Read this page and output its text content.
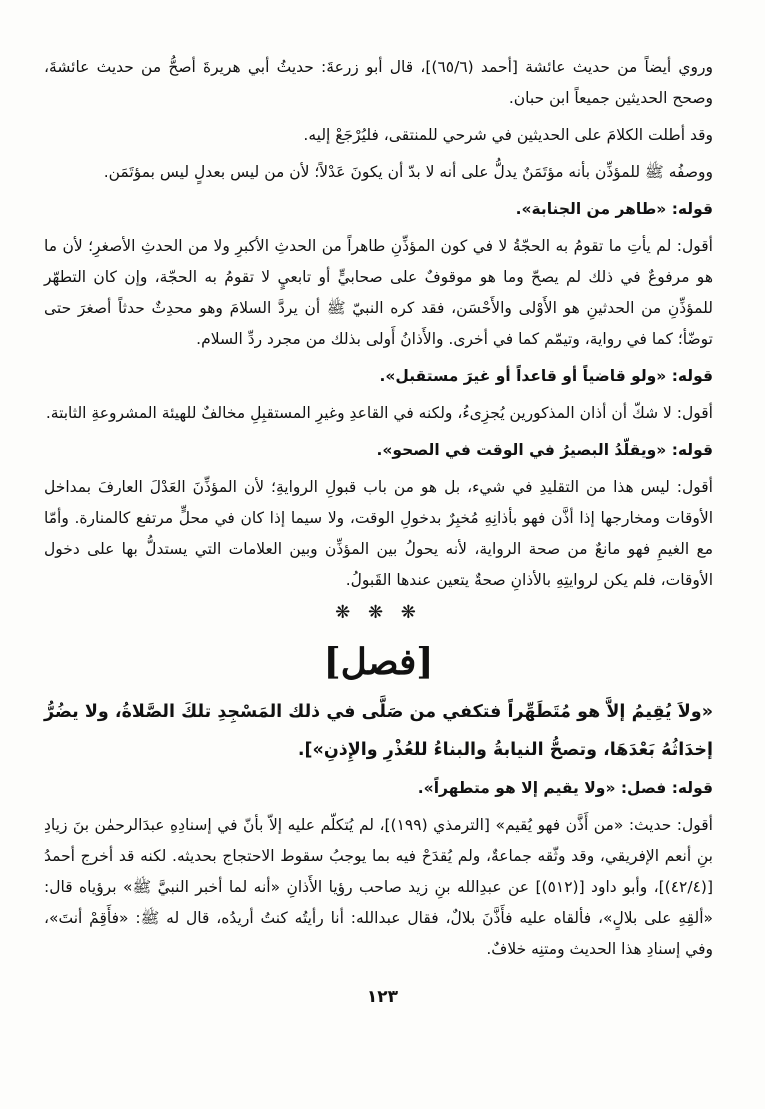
وروي أيضاً من حديث عائشة [أحمد (٦٥/٦)]، قال أبو زرعةَ: حديثُ أبي هريرةَ أصحُّ من حديث عائشةَ، وصحح الحديثين جميعاً ابن حبان.

وقد أطلت الكلامَ على الحديثين في شرحي للمنتقى، فليُرْجَعْ إليه.

ووصفُه ﷺ للمؤذِّن بأنه مؤتَمَنٌ يدلُّ على أنه لا بدّ أن يكونَ عَدْلاً؛ لأن من ليس بعدلٍ ليس بمؤتَمَن.

قوله: «طاهر من الجنابة».

أقول: لم يأتِ ما تقومُ به الحجّةُ لا في كون المؤذِّنِ طاهراً من الحدثِ الأكبرِ ولا من الحدثِ الأصغرِ؛ لأن ما هو مرفوعٌ في ذلك لم يصحّ وما هو موقوفٌ على صحابيٍّ أو تابعيٍ لا تقومُ به الحجّة، وإن كان التطهّر للمؤذِّنِ من الحدثينِ هو الأَوْلى والأَحْسَن، فقد كره النبيّ ﷺ أن يردَّ السلامَ وهو محدِثٌ حدثاً أصغرَ حتى توضّأ؛ كما في رواية، وتيمّم كما في أخرى. والأَذانُ أَولى بذلك من مجرد ردِّ السلام.

قوله: «ولو قاضياً أو قاعداً أو غيرَ مستقبل».

أقول: لا شكّ أن أذان المذكورين يُجزِىءُ، ولكنه في القاعدِ وغيرِ المستقبِلِ مخالفٌ للهيئة المشروعةِ الثابتة.

قوله: «ويقلّدُ البصيرُ في الوقت في الصحو».

أقول: ليس هذا من التقليدِ في شيء، بل هو من باب قبولِ الروايةِ؛ لأن المؤذِّنَ العَدْلَ العارفَ بمداخل الأوقات ومخارجها إذا أذَّن فهو بأذانِهِ مُخبِرٌ بدخولِ الوقت، ولا سيما إذا كان في محلٍّ مرتفع كالمنارة. وأمّا مع الغيمِ فهو مانعٌ من صحة الرواية، لأنه يحولُ بين المؤذِّن وبين العلامات التي يستدلُّ بها على دخول الأوقات، فلم يكن لروايتِهِ بالأذانِ صحةٌ يتعين عندها القَبولُ.

❋ ❋ ❋
[فصل]
«ولاَ يُقِيمُ إلاَّ هو مُتَطَهِّراً فتكفي من صَلَّى في ذلك المَسْجِدِ تلكَ الصَّلاةُ، ولا يضُرُّ إخدَاثُهُ بَعْدَهَا، وتصحُّ النيابةُ والبناءُ للعُذْرِ والإِذنِ»].

قوله: فصل: «ولا يقيم إلا هو متطهراً».

أقول: حديث: «من أَذَّن فهو يُقيم» [الترمذي (١٩٩)]، لم يُتكلّم عليه إلاّ بأنّ في إسنادِهِ عبدَالرحمٰن بنَ زيادِ بنِ أنعم الإفريقي، وقد وثّقه جماعةٌ، ولم يُقدَحْ فيه بما يوجبُ سقوط الاحتجاج بحديثه. لكنه قد أخرج أحمدُ [(٤٢/٤)]، وأبو داود [(٥١٢)] عن عبدِالله بنِ زيد صاحب رؤيا الأَذانِ «أنه لما أخبر النبيَّ ﷺ» برؤياه قال: «ألقِهِ على بلالٍ»، فألقاه عليه فأَذَّنَ بلالٌ، فقال عبدالله: أنا رأيتُه كنتُ أريدُه، قال له ﷺ: «فأَقِمْ أنتَ»، وفي إسنادِ هذا الحديث ومتنِه خلافٌ.

١٢٣
